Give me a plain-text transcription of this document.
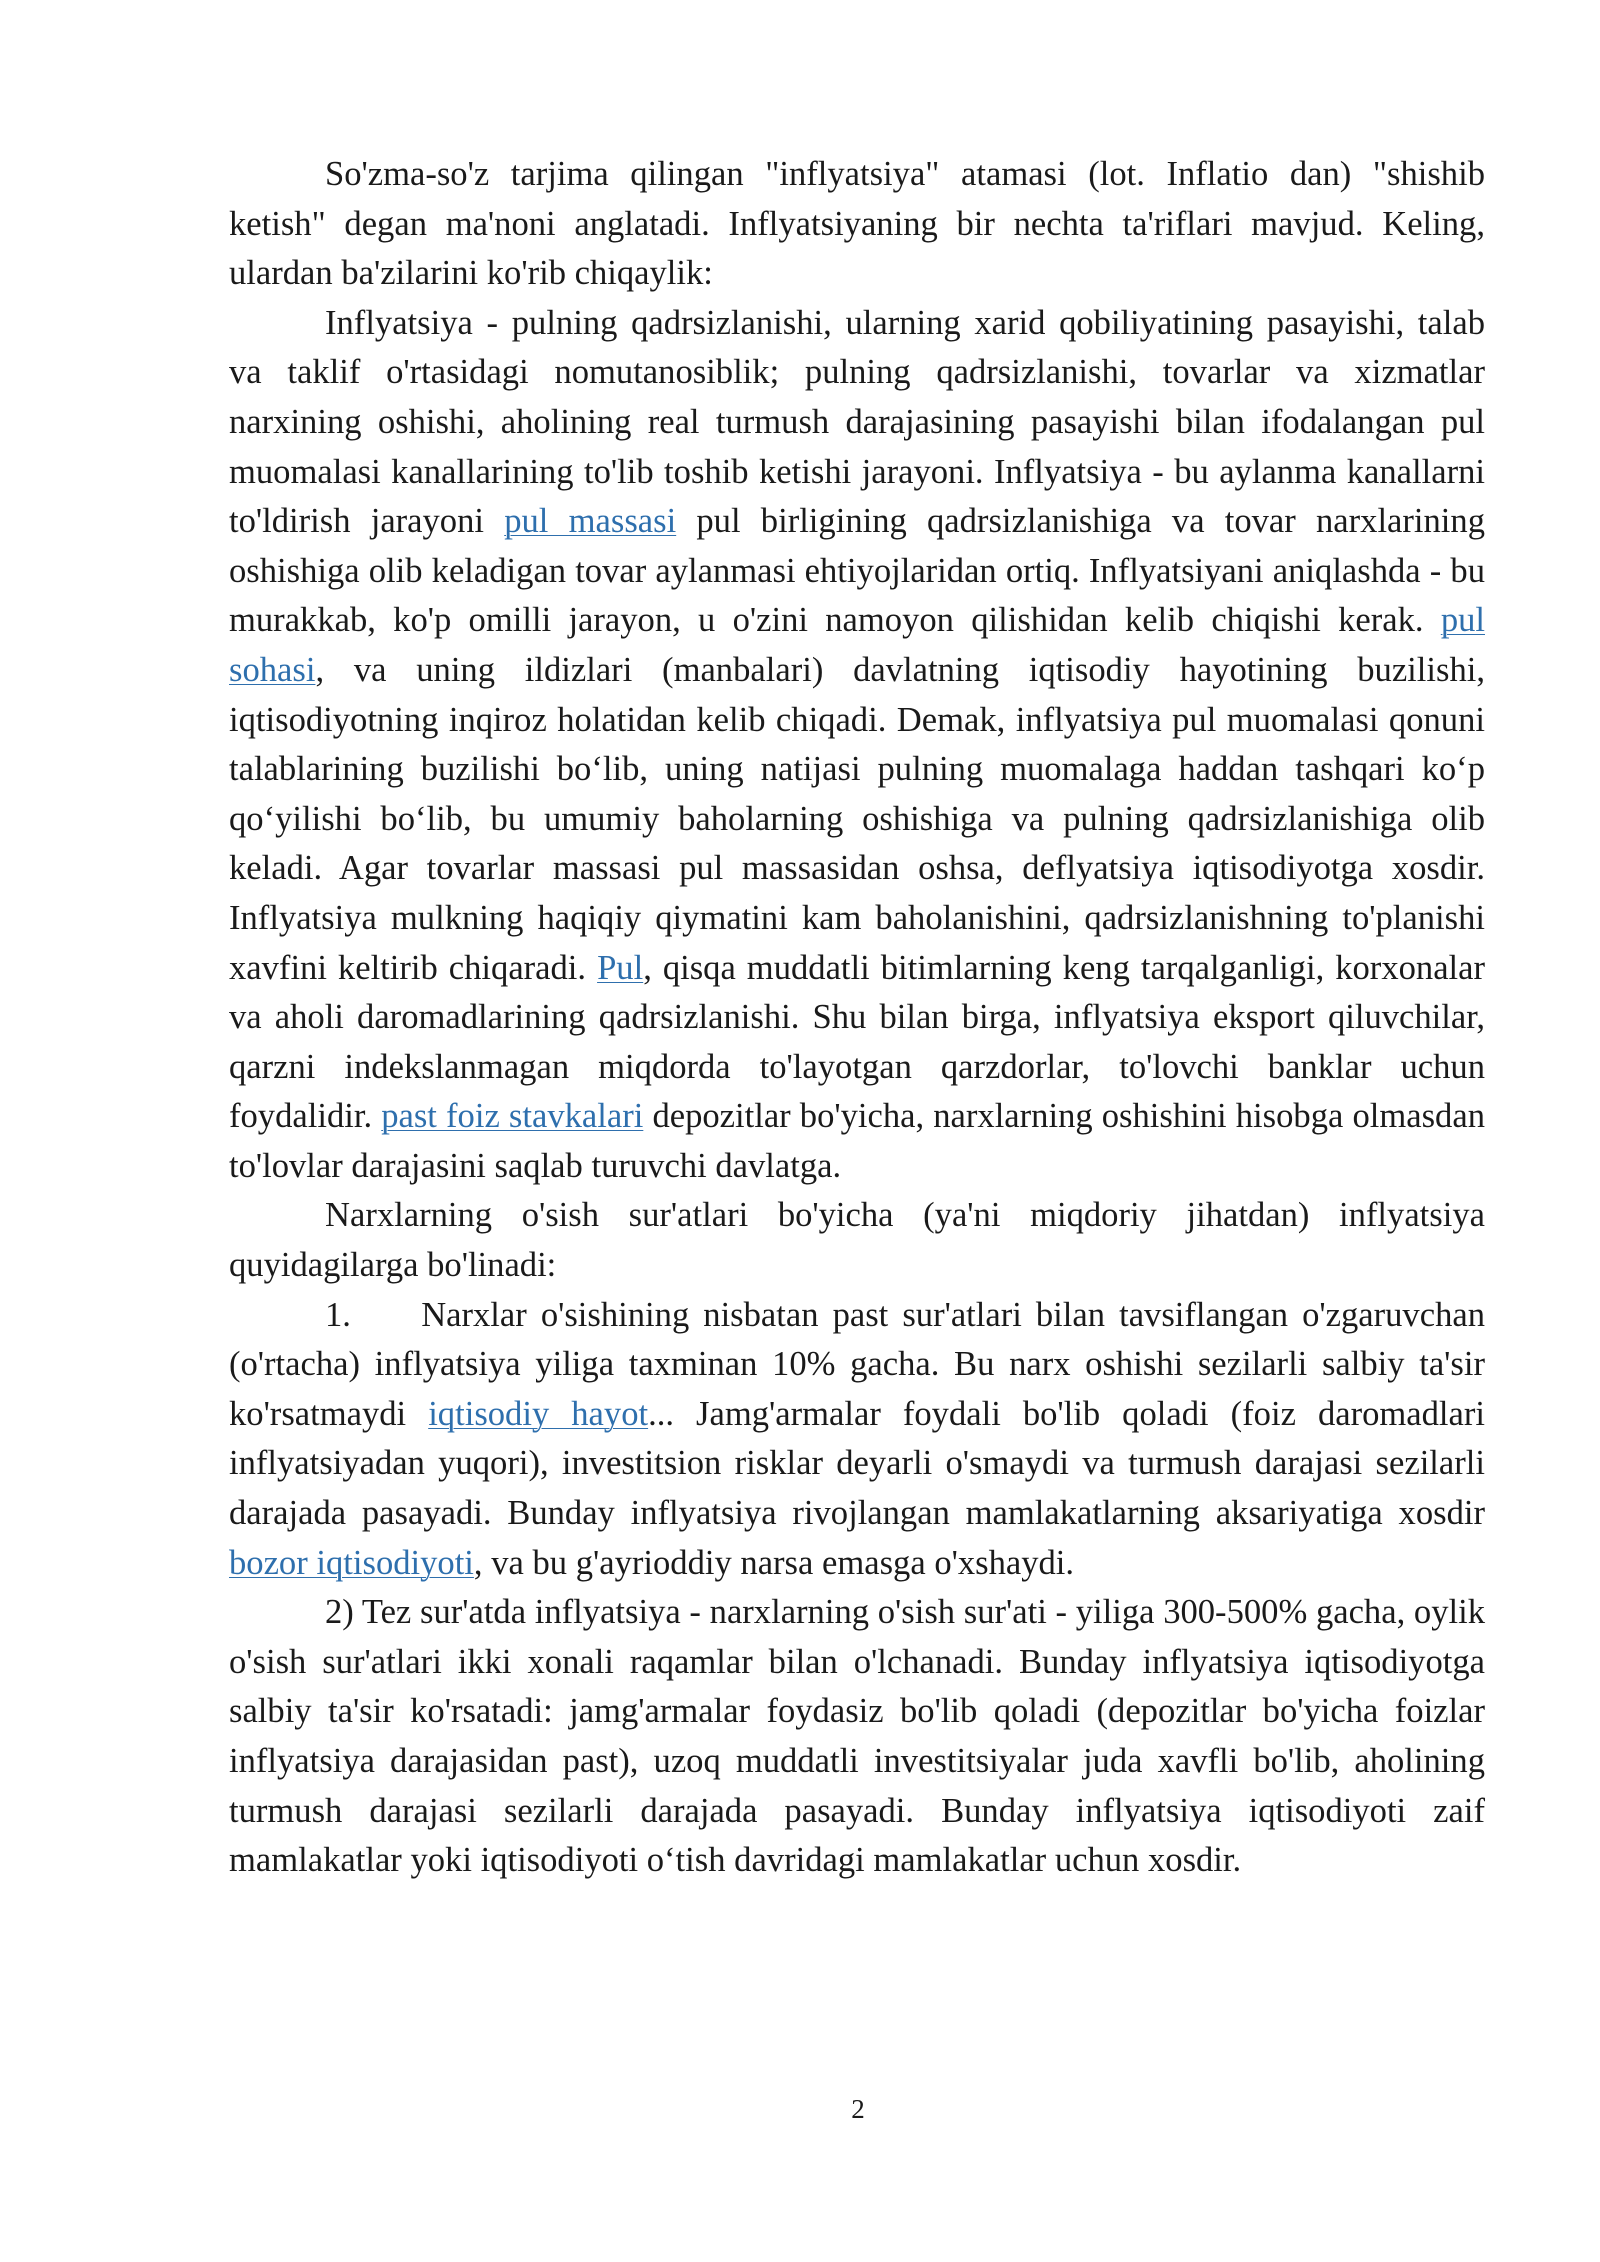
So'zma-so'z tarjima qilingan "inflyatsiya" atamasi (lot. Inflatio dan) "shishib ketish" degan ma'noni anglatadi. Inflyatsiyaning bir nechta ta'riflari mavjud. Keling, ulardan ba'zilarini ko'rib chiqaylik:

Inflyatsiya - pulning qadrsizlanishi, ularning xarid qobiliyatining pasayishi, talab va taklif o'rtasidagi nomutanosiblik; pulning qadrsizlanishi, tovarlar va xizmatlar narxining oshishi, aholining real turmush darajasining pasayishi bilan ifodalangan pul muomalasi kanallarining to'lib toshib ketishi jarayoni. Inflyatsiya - bu aylanma kanallarni to'ldirish jarayoni pul massasi pul birligining qadrsizlanishiga va tovar narxlarining oshishiga olib keladigan tovar aylanmasi ehtiyojlaridan ortiq. Inflyatsiyani aniqlashda - bu murakkab, ko'p omilli jarayon, u o'zini namoyon qilishidan kelib chiqishi kerak. pul sohasi, va uning ildizlari (manbalari) davlatning iqtisodiy hayotining buzilishi, iqtisodiyotning inqiroz holatidan kelib chiqadi. Demak, inflyatsiya pul muomalasi qonuni talablarining buzilishi bo‘lib, uning natijasi pulning muomalaga haddan tashqari ko‘p qo‘yilishi bo‘lib, bu umumiy baholarning oshishiga va pulning qadrsizlanishiga olib keladi. Agar tovarlar massasi pul massasidan oshsa, deflyatsiya iqtisodiyotga xosdir. Inflyatsiya mulkning haqiqiy qiymatini kam baholanishini, qadrsizlanishning to'planishi xavfini keltirib chiqaradi. Pul, qisqa muddatli bitimlarning keng tarqalganligi, korxonalar va aholi daromadlarining qadrsizlanishi. Shu bilan birga, inflyatsiya eksport qiluvchilar, qarzni indekslanmagan miqdorda to'layotgan qarzdorlar, to'lovchi banklar uchun foydalidir. past foiz stavkalari depozitlar bo'yicha, narxlarning oshishini hisobga olmasdan to'lovlar darajasini saqlab turuvchi davlatga.

Narxlarning o'sish sur'atlari bo'yicha (ya'ni miqdoriy jihatdan) inflyatsiya quyidagilarga bo'linadi:

1.     Narxlar o'sishining nisbatan past sur'atlari bilan tavsiflangan o'zgaruvchan (o'rtacha) inflyatsiya yiliga taxminan 10% gacha. Bu narx oshishi sezilarli salbiy ta'sir ko'rsatmaydi iqtisodiy hayot... Jamg'armalar foydali bo'lib qoladi (foiz daromadlari inflyatsiyadan yuqori), investitsion risklar deyarli o'smaydi va turmush darajasi sezilarli darajada pasayadi. Bunday inflyatsiya rivojlangan mamlakatlarning aksariyatiga xosdir bozor iqtisodiyoti, va bu g'ayrioddiy narsa emasga o'xshaydi.

2) Tez sur'atda inflyatsiya - narxlarning o'sish sur'ati - yiliga 300-500% gacha, oylik o'sish sur'atlari ikki xonali raqamlar bilan o'lchanadi. Bunday inflyatsiya iqtisodiyotga salbiy ta'sir ko'rsatadi: jamg'armalar foydasiz bo'lib qoladi (depozitlar bo'yicha foizlar inflyatsiya darajasidan past), uzoq muddatli investitsiyalar juda xavfli bo'lib, aholining turmush darajasi sezilarli darajada pasayadi. Bunday inflyatsiya iqtisodiyoti zaif mamlakatlar yoki iqtisodiyoti o‘tish davridagi mamlakatlar uchun xosdir.

2
